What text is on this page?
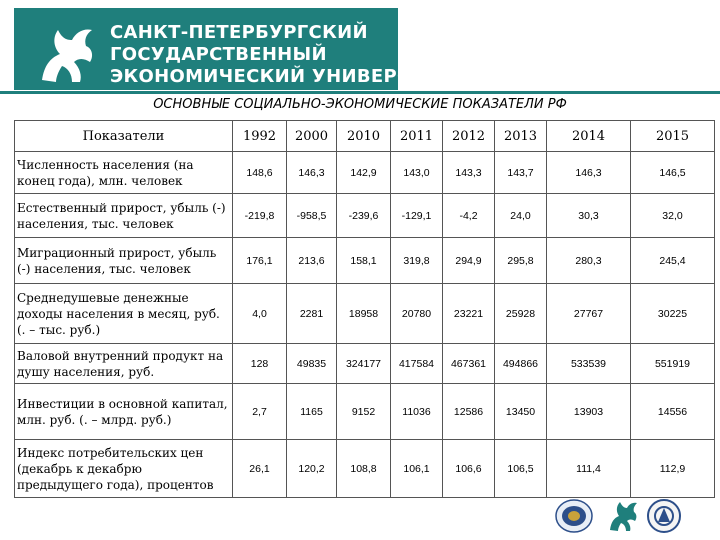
САНКТ-ПЕТЕРБУРГСКИЙ
ГОСУДАРСТВЕННЫЙ
ЭКОНОМИЧЕСКИЙ УНИВЕРСИТЕТ
ОСНОВНЫЕ СОЦИАЛЬНО-ЭКОНОМИЧЕСКИЕ ПОКАЗАТЕЛИ РФ
Показатели	1992	2000	2010	2011	2012	2013	2014	2015
Численность населения (на конец года), млн. человек	148,6	146,3	142,9	143,0	143,3	143,7	146,3	146,5
Естественный прирост, убыль (-) населения, тыс. человек	-219,8	-958,5	-239,6	-129,1	-4,2	24,0	30,3	32,0
Миграционный прирост, убыль (-) населения, тыс. человек	176,1	213,6	158,1	319,8	294,9	295,8	280,3	245,4
Среднедушевые денежные доходы населения в месяц, руб. (. – тыс. руб.)	4,0	2281	18958	20780	23221	25928	27767	30225
Валовой внутренний продукт на душу населения, руб.	128	49835	324177	417584	467361	494866	533539	551919
Инвестиции в основной капитал, млн. руб. (. – млрд. руб.)	2,7	1165	9152	11036	12586	13450	13903	14556
Индекс потребительских цен (декабрь к декабрю предыдущего года), процентов	26,1	120,2	108,8	106,1	106,6	106,5	111,4	112,9
